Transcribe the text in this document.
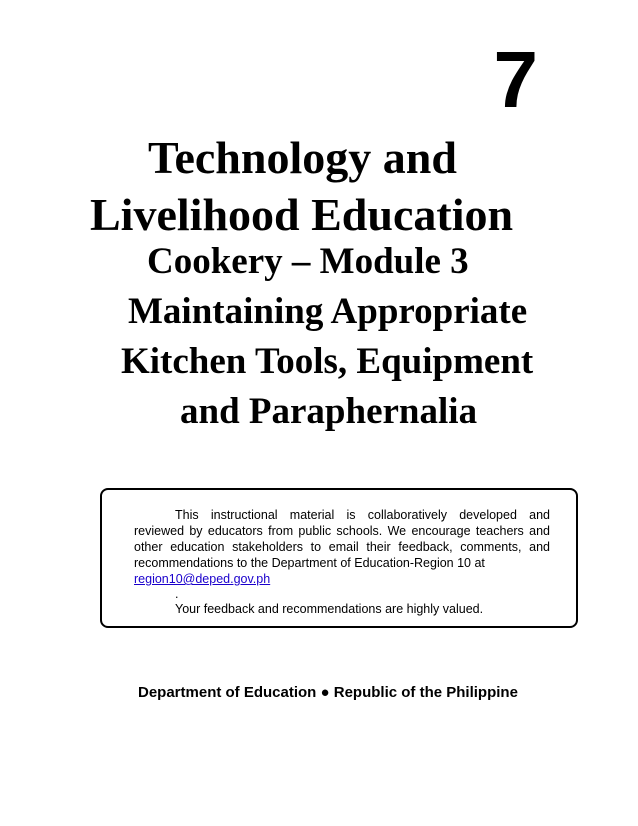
7
Technology and
Livelihood Education
Cookery – Module 3
Maintaining Appropriate
Kitchen Tools, Equipment
and Paraphernalia

This instructional material is collaboratively developed and reviewed by educators from public schools. We encourage teachers and other education stakeholders to email their feedback, comments, and recommendations to the Department of Education-Region 10 at
region10@deped.gov.ph

.

Your feedback and recommendations are highly valued.

Department of Education ● Republic of the Philippine
